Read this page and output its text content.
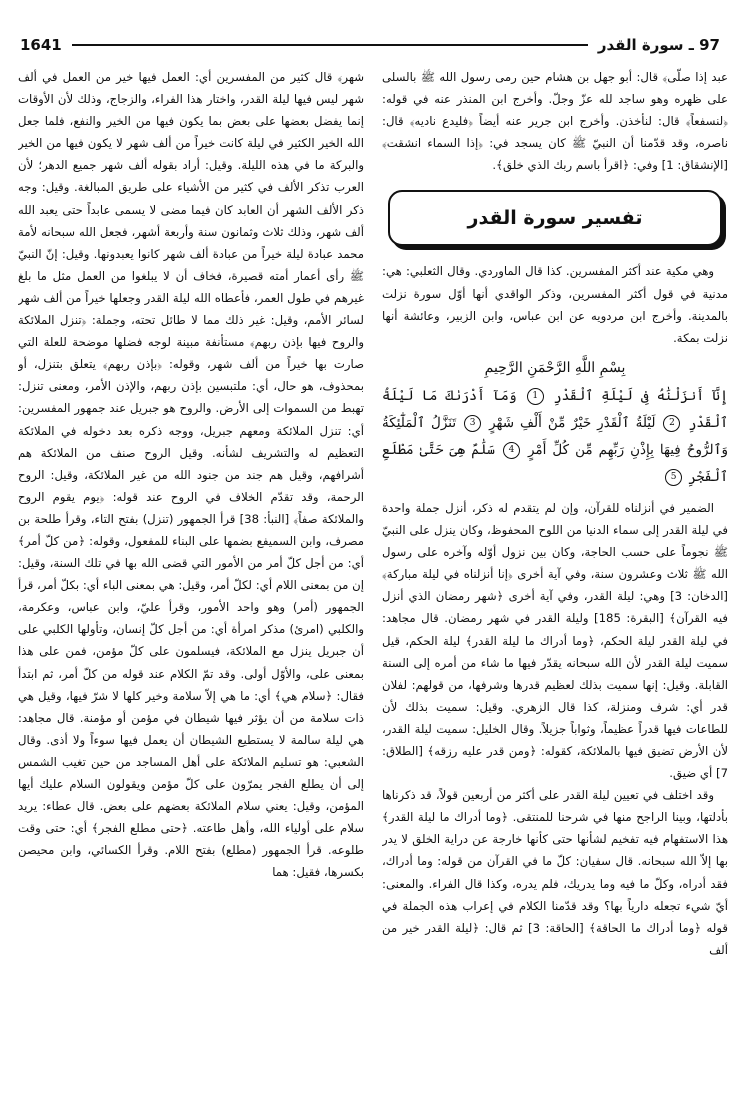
1641	97 ـ سورة القدر

عبد إذا صلّى﴾ قال: أبو جهل بن هشام حين رمى رسول الله ﷺ بالسلى على ظهره وهو ساجد لله عزّ وجلّ. وأخرج ابن المنذر عنه في قوله: ﴿لنسفعاً﴾ قال: لنأخذن. وأخرج ابن جرير عنه أيضاً ﴿فليدع ناديه﴾ قال: ناصره، وقد قدّمنا أن النبيّ ﷺ كان يسجد في: ﴿إذا السماء انشقت﴾ [الإنشقاق: 1] وفي: ﴿اقرأ باسم ربك الذي خلق﴾.

تفسير سورة القدر

وهي مكية عند أكثر المفسرين. كذا قال الماوردي. وقال الثعلبي: هي: مدنية في قول أكثر المفسرين، وذكر الواقدي أنها أوّل سورة نزلت بالمدينة. وأخرج ابن مردويه عن ابن عباس، وابن الزبير، وعائشة أنها نزلت بمكة.

بِسْمِ اللَّهِ الرَّحْمَنِ الرَّحِيمِ
إِنَّآ أَنزَلْنَٰهُ فِى لَيْلَةِ ٱلْقَدْرِ 1 وَمَآ أَدْرَىٰكَ مَا لَيْلَةُ ٱلْقَدْرِ 2 لَيْلَةُ ٱلْقَدْرِ خَيْرٌ مِّنْ أَلْفِ شَهْرٍ 3 تَنَزَّلُ ٱلْمَلَٰٓئِكَةُ وَٱلرُّوحُ فِيهَا بِإِذْنِ رَبِّهِم مِّن كُلِّ أَمْرٍ 4 سَلَٰمٌ هِىَ حَتَّىٰ مَطْلَعِ ٱلْفَجْرِ 5

الضمير في أنزلناه للقرآن، وإن لم يتقدم له ذكر، أنزل جملة واحدة في ليلة القدر إلى سماء الدنيا من اللوح المحفوظ، وكان ينزل على النبيّ ﷺ نجوماً على حسب الحاجة، وكان بين نزول أوّله وآخره على رسول الله ﷺ ثلاث وعشرون سنة، وفي آية أخرى ﴿إنا أنزلناه في ليلة مباركة﴾ [الدخان: 3] وهي: ليلة القدر، وفي آية أخرى ﴿شهر رمضان الذي أنزل فيه القرآن﴾ [البقرة: 185] وليلة القدر في شهر رمضان. قال مجاهد: في ليلة القدر ليلة الحكم، ﴿وما أدراك ما ليلة القدر﴾ ليلة الحكم، قيل سميت ليلة القدر لأن الله سبحانه يقدّر فيها ما شاء من أمره إلى السنة القابلة. وقيل: إنها سميت بذلك لعظيم قدرها وشرفها، من قولهم: لفلان قدر أي: شرف ومنزلة، كذا قال الزهري. وقيل: سميت بذلك لأن للطاعات فيها قدراً عظيماً، وثواباً جزيلاً. وقال الخليل: سميت ليلة القدر، لأن الأرض تضيق فيها بالملائكة، كقوله: ﴿ومن قدر عليه رزقه﴾ [الطلاق: 7] أي ضيق.

وقد اختلف في تعيين ليلة القدر على أكثر من أربعين قولاً، قد ذكرناها بأدلتها، وبينا الراجح منها في شرحنا للمنتقى. ﴿وما أدراك ما ليلة القدر﴾ هذا الاستفهام فيه تفخيم لشأنها حتى كأنها خارجة عن دراية الخلق لا يدر بها إلاّ الله سبحانه. قال سفيان: كلّ ما في القرآن من قوله: وما أدراك، فقد أدراه، وكلّ ما فيه وما يدريك، فلم يدره، وكذا قال الفراء. والمعنى: أيّ شيء تجعله دارياً بها؟ وقد قدّمنا الكلام في إعراب هذه الجملة في قوله ﴿وما أدراك ما الحاقة﴾ [الحاقة: 3] ثم قال: ﴿ليلة القدر خير من ألف

شهر﴾ قال كثير من المفسرين أي: العمل فيها خير من العمل في ألف شهر ليس فيها ليلة القدر، واختار هذا الفراء، والزجاج، وذلك لأن الأوقات إنما يفضل بعضها على بعض بما يكون فيها من الخير والنفع، فلما جعل الله الخير الكثير في ليلة كانت خيراً من ألف شهر لا يكون فيها من الخير والبركة ما في هذه الليلة. وقيل: أراد بقوله ألف شهر جميع الدهر؛ لأن العرب تذكر الألف في كثير من الأشياء على طريق المبالغة. وقيل: وجه ذكر الألف الشهر أن العابد كان فيما مضى لا يسمى عابداً حتى يعبد الله ألف شهر، وذلك ثلاث وثمانون سنة وأربعة أشهر، فجعل الله سبحانه لأمة محمد عبادة ليلة خيراً من عبادة ألف شهر كانوا يعبدونها. وقيل: إنّ النبيّ ﷺ رأى أعمار أمته قصيرة، فخاف أن لا يبلغوا من العمل مثل ما بلغ غيرهم في طول العمر، فأعطاه الله ليلة القدر وجعلها خيراً من ألف شهر لسائر الأمم، وقيل: غير ذلك مما لا طائل تحته، وجملة: ﴿تنزل الملائكة والروح فيها بإذن ربهم﴾ مستأنفة مبينة لوجه فضلها موضحة للعلة التي صارت بها خيراً من ألف شهر، وقوله: ﴿بإذن ربهم﴾ يتعلق بتنزل، أو بمحذوف، هو حال، أي: ملتبسين بإذن ربهم، والإذن الأمر، ومعنى تنزل: تهبط من السموات إلى الأرض. والروح هو جبريل عند جمهور المفسرين: أي: تنزل الملائكة ومعهم جبريل، ووجه ذكره بعد دخوله في الملائكة التعظيم له والتشريف لشأنه. وقيل الروح صنف من الملائكة هم أشرافهم، وقيل هم جند من جنود الله من غير الملائكة، وقيل: الروح الرحمة، وقد تقدّم الخلاف في الروح عند قوله: ﴿يوم يقوم الروح والملائكة صفاً﴾ [النبأ: 38] قرأ الجمهور (تنزل) بفتح التاء، وقرأ طلحة بن مصرف، وابن السميفع بضمها على البناء للمفعول، وقوله: ﴿من كلّ أمر﴾ أي: من أجل كلّ أمر من الأمور التي قضى الله بها في تلك السنة، وقيل: إن من بمعنى اللام أي: لكلّ أمر، وقيل: هي بمعنى الباء أي: بكلّ أمر، قرأ الجمهور (أمر) وهو واحد الأمور، وقرأ عليّ، وابن عباس، وعكرمة، والكلبي (امرئ) مذكر امرأة أي: من أجل كلّ إنسان، وتأولها الكلبي على أن جبريل ينزل مع الملائكة، فيسلمون على كلّ مؤمن، فمن على هذا بمعنى على، والأوّل أولى. وقد تمّ الكلام عند قوله من كلّ أمر، ثم ابتدأ فقال: ﴿سلام هي﴾ أي: ما هي إلاّ سلامة وخير كلها لا شرّ فيها، وقيل هي ذات سلامة من أن يؤثر فيها شيطان في مؤمن أو مؤمنة. قال مجاهد: هي ليلة سالمة لا يستطيع الشيطان أن يعمل فيها سوءاً ولا أذى. وقال الشعبي: هو تسليم الملائكة على أهل المساجد من حين تغيب الشمس إلى أن يطلع الفجر يمرّون على كلّ مؤمن ويقولون السلام عليك أيها المؤمن، وقيل: يعني سلام الملائكة بعضهم على بعض. قال عطاء: يريد سلام على أولياء الله، وأهل طاعته. ﴿حتى مطلع الفجر﴾ أي: حتى وقت طلوعه. قرأ الجمهور (مطلع) بفتح اللام. وقرأ الكسائي، وابن محيصن بكسرها، فقيل: هما
